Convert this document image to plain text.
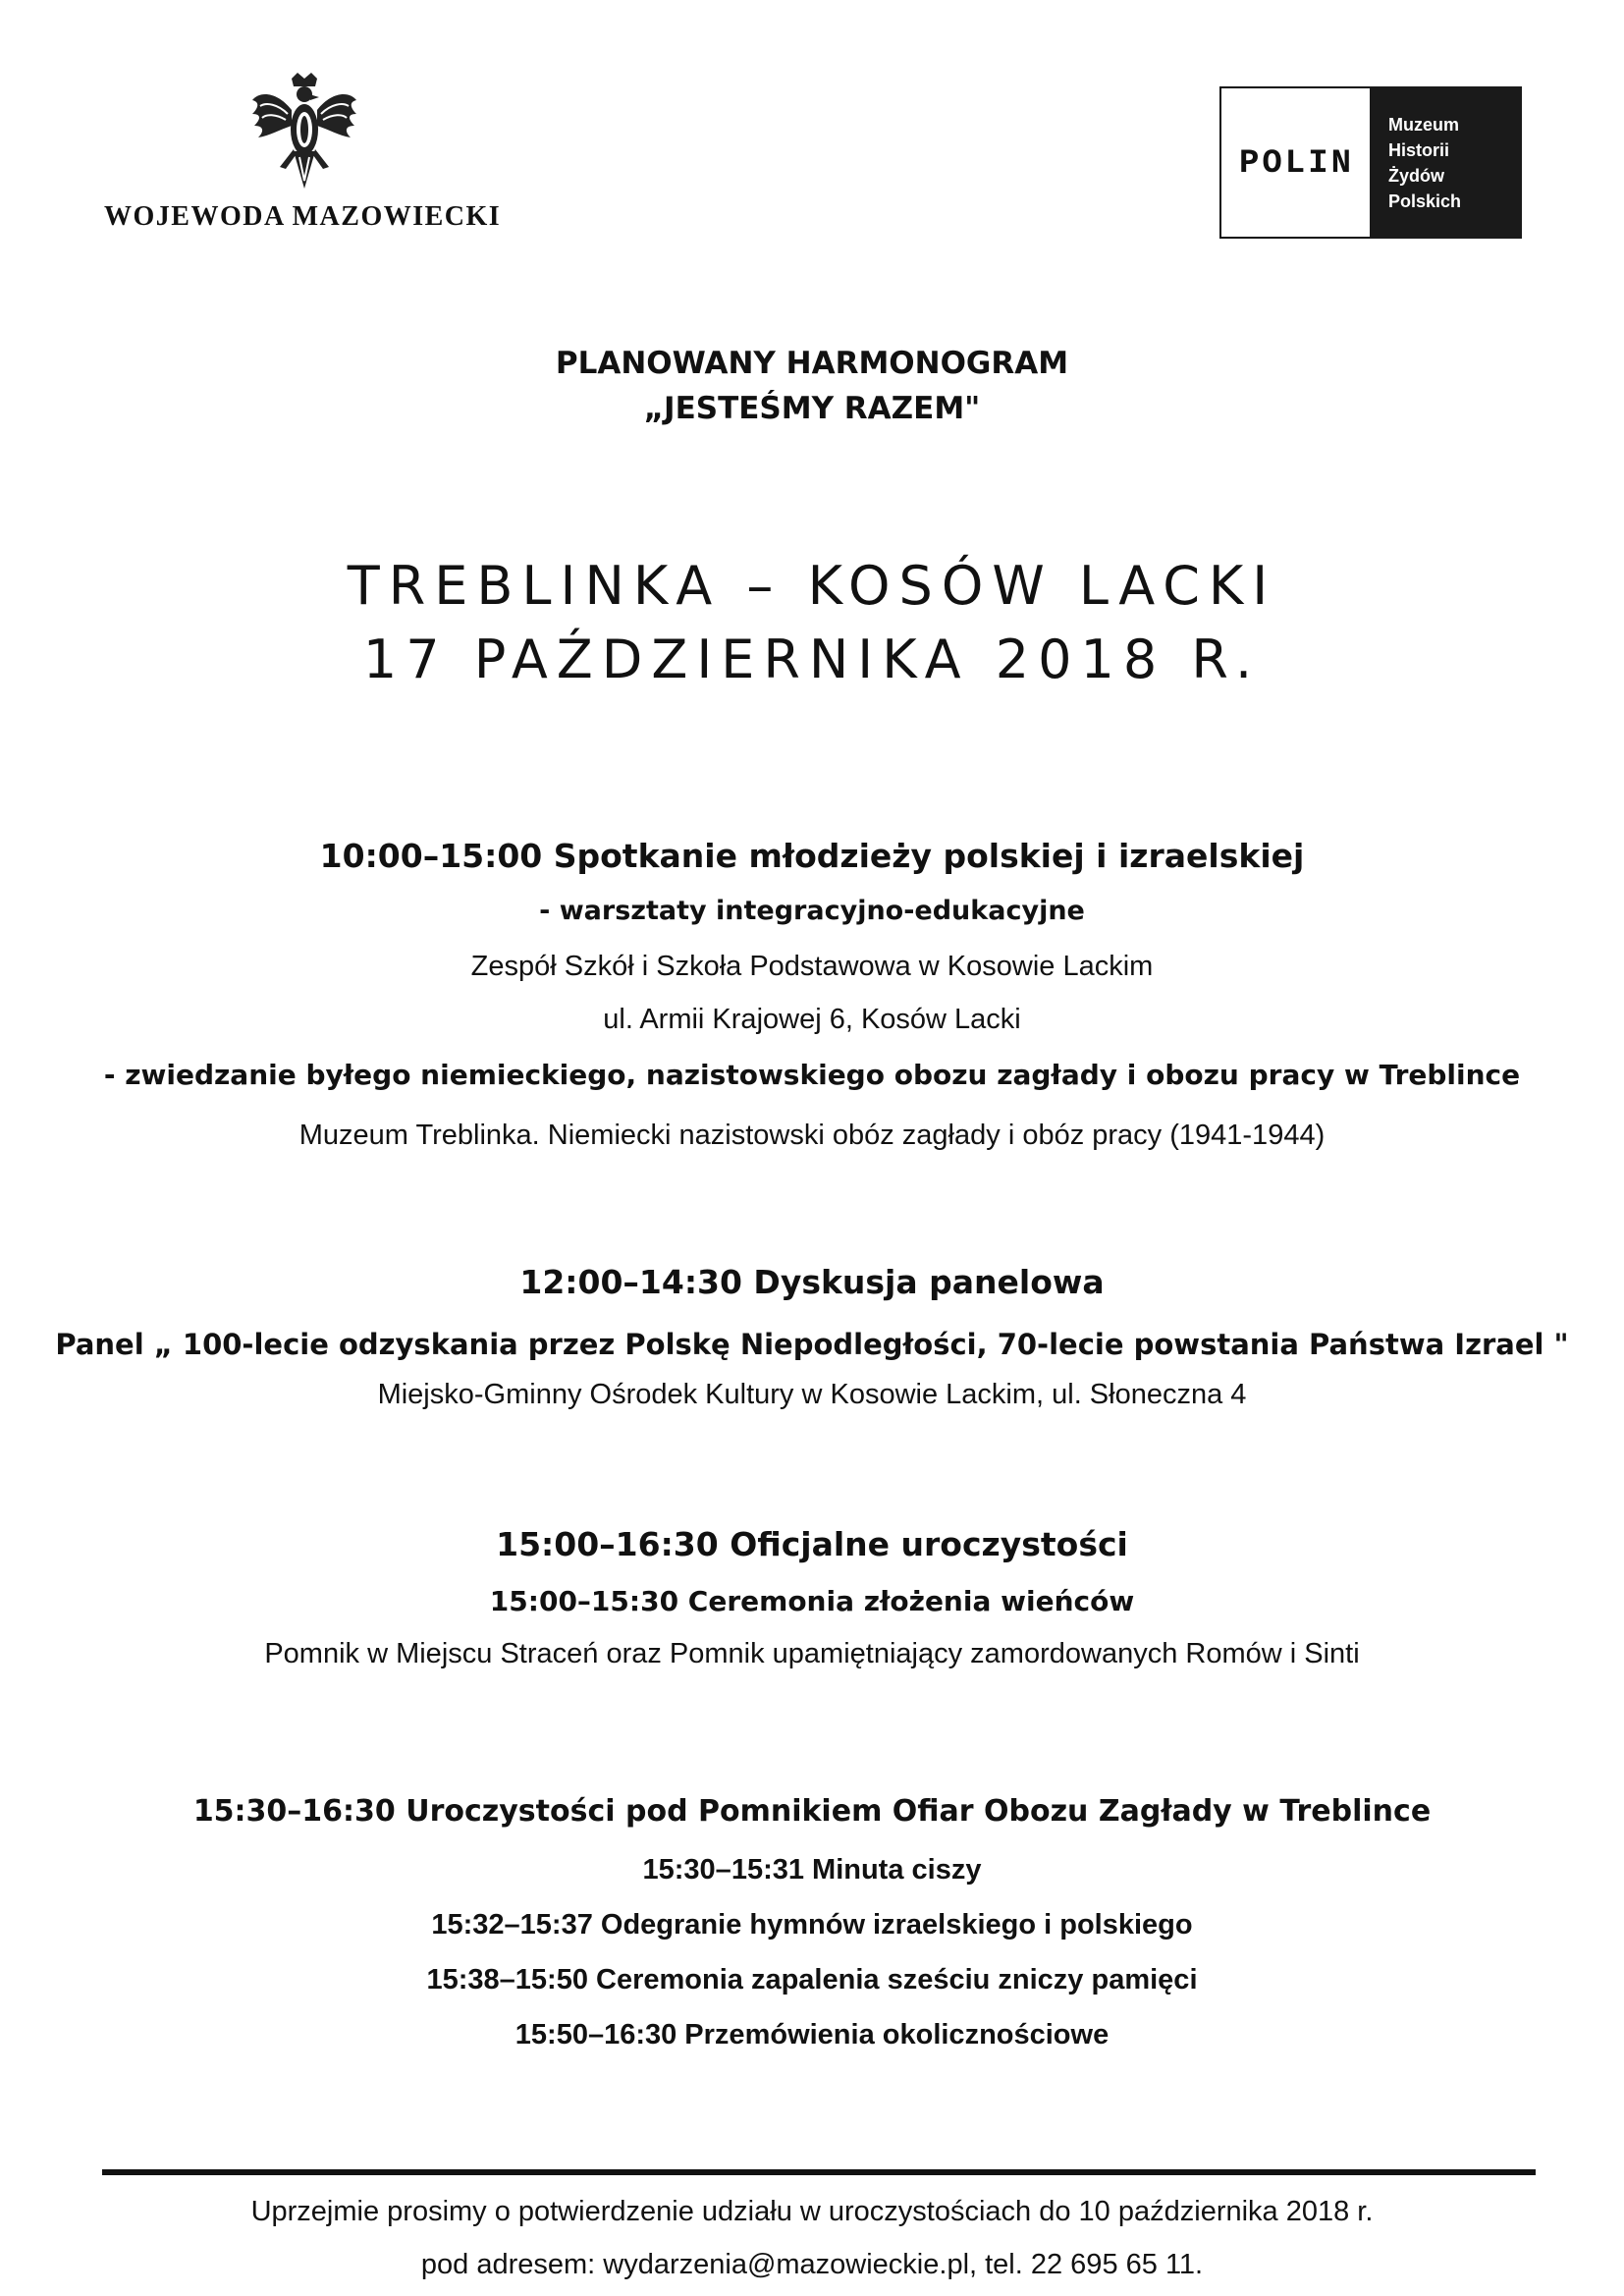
WOJEWODA MAZOWIECKI
POLIN
Muzeum
Historii
Żydów
Polskich
PLANOWANY HARMONOGRAM
„JESTEŚMY RAZEM"
TREBLINKA – KOSÓW LACKI
17 PAŹDZIERNIKA 2018 R.
10:00–15:00 Spotkanie młodzieży polskiej i izraelskiej
- warsztaty integracyjno-edukacyjne
Zespół Szkół i Szkoła Podstawowa w Kosowie Lackim
ul. Armii Krajowej 6, Kosów Lacki
- zwiedzanie byłego niemieckiego, nazistowskiego obozu zagłady i obozu pracy w Treblince
Muzeum Treblinka. Niemiecki nazistowski obóz zagłady i obóz pracy (1941-1944)
12:00–14:30 Dyskusja panelowa
Panel „ 100-lecie odzyskania przez Polskę Niepodległości, 70-lecie powstania Państwa Izrael "
Miejsko-Gminny Ośrodek Kultury w Kosowie Lackim, ul. Słoneczna 4
15:00–16:30 Oficjalne uroczystości
15:00–15:30 Ceremonia złożenia wieńców
Pomnik w Miejscu Straceń oraz Pomnik upamiętniający zamordowanych Romów i Sinti
15:30–16:30 Uroczystości pod Pomnikiem Ofiar Obozu Zagłady w Treblince
15:30–15:31 Minuta ciszy
15:32–15:37 Odegranie hymnów izraelskiego i polskiego
15:38–15:50 Ceremonia zapalenia sześciu zniczy pamięci
15:50–16:30 Przemówienia okolicznościowe
Uprzejmie prosimy o potwierdzenie udziału w uroczystościach do 10 października 2018 r.
pod adresem: wydarzenia@mazowieckie.pl, tel. 22 695 65 11.
